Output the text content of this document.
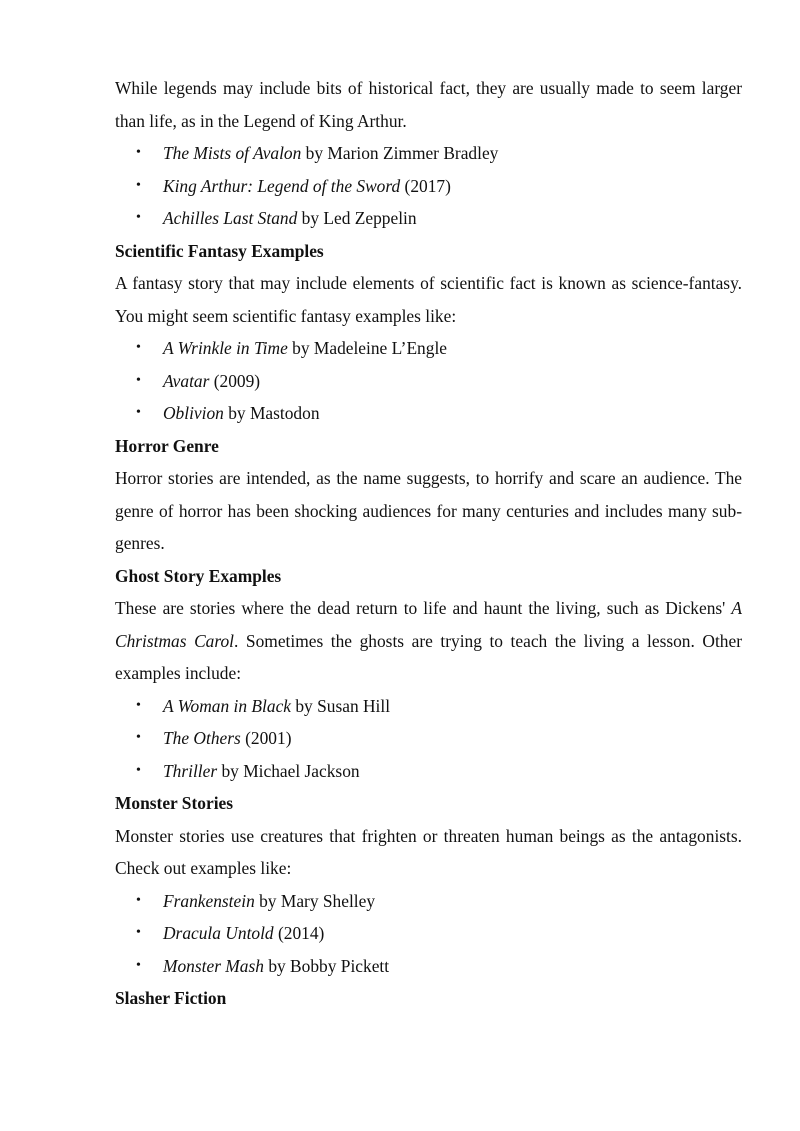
While legends may include bits of historical fact, they are usually made to seem larger than life, as in the Legend of King Arthur.

• The Mists of Avalon by Marion Zimmer Bradley
• King Arthur: Legend of the Sword (2017)
• Achilles Last Stand by Led Zeppelin
Scientific Fantasy Examples

A fantasy story that may include elements of scientific fact is known as science-fantasy. You might seem scientific fantasy examples like:

• A Wrinkle in Time by Madeleine L’Engle
• Avatar (2009)
• Oblivion by Mastodon
Horror Genre

Horror stories are intended, as the name suggests, to horrify and scare an audience. The genre of horror has been shocking audiences for many centuries and includes many sub-genres.

Ghost Story Examples

These are stories where the dead return to life and haunt the living, such as Dickens' A Christmas Carol. Sometimes the ghosts are trying to teach the living a lesson. Other examples include:

• A Woman in Black by Susan Hill
• The Others (2001)
• Thriller by Michael Jackson
Monster Stories

Monster stories use creatures that frighten or threaten human beings as the antagonists. Check out examples like:

• Frankenstein by Mary Shelley
• Dracula Untold (2014)
• Monster Mash by Bobby Pickett
Slasher Fiction
